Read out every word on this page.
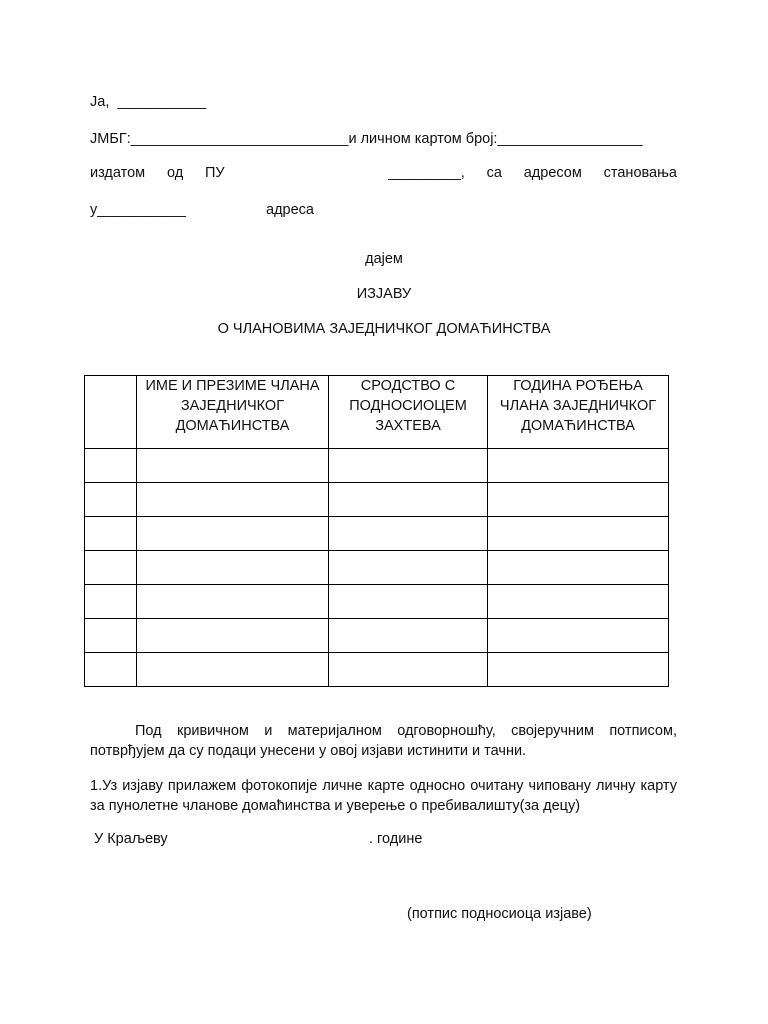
Ја,  ___________
ЈМБГ:___________________________и личном картом број:__________________
издатом од ПУ	_________, са адресом становања
у___________	адреса
дајем
ИЗЈАВУ
О ЧЛАНОВИМА ЗАЈЕДНИЧКОГ ДОМАЋИНСТВА
	ИМЕ И ПРЕЗИМЕ ЧЛАНА ЗАЈЕДНИЧКОГ ДОМАЋИНСТВА	СРОДСТВО С ПОДНОСИОЦЕМ ЗАХТЕВА	ГОДИНА РОЂЕЊА ЧЛАНА ЗАЈЕДНИЧКОГ ДОМАЋИНСТВА

Под кривичном и материјалном одговорношћу, својеручним потписом, потврђујем да су подаци унесени у овој изјави истинити и тачни.
1.Уз изјаву прилажем фотокопије личне карте односно очитану чиповану личну карту за пунолетне чланове домаћинства и уверење о пребивалишту(за децу)
У Краљеву	. године
(потпис подносиоца изјаве)
